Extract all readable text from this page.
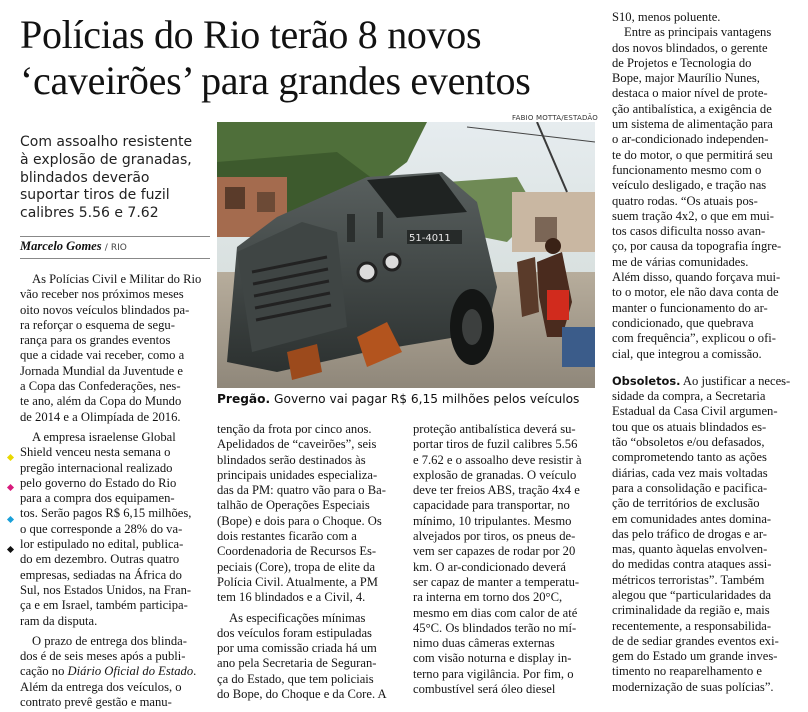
Polícias do Rio terão 8 novos
‘caveirões’ para grandes eventos
FABIO MOTTA/ESTADÃO
51-4011
Pregão. Governo vai pagar R$ 6,15 milhões pelos veículos
Com assoalho resistente
à explosão de granadas,
blindados deverão
suportar tiros de fuzil
calibres 5.56 e 7.62
Marcelo Gomes / RIO
As Polícias Civil e Militar do Rio
vão receber nos próximos meses
oito novos veículos blindados pa-
ra reforçar o esquema de segu-
rança para os grandes eventos
que a cidade vai receber, como a
Jornada Mundial da Juventude e
a Copa das Confederações, nes-
te ano, além da Copa do Mundo
de 2014 e a Olimpíada de 2016.
A empresa israelense Global
Shield venceu nesta semana o
pregão internacional realizado
pelo governo do Estado do Rio
para a compra dos equipamen-
tos. Serão pagos R$ 6,15 milhões,
o que corresponde a 28% do va-
lor estipulado no edital, publica-
do em dezembro. Outras quatro
empresas, sediadas na África do
Sul, nos Estados Unidos, na Fran-
ça e em Israel, também participa-
ram da disputa.
O prazo de entrega dos blinda-
dos é de seis meses após a publi-
cação no Diário Oficial do Estado.
Além da entrega dos veículos, o
contrato prevê gestão e manu-
tenção da frota por cinco anos.
Apelidados de “caveirões”, seis
blindados serão destinados às
principais unidades especializa-
das da PM: quatro vão para o Ba-
talhão de Operações Especiais
(Bope) e dois para o Choque. Os
dois restantes ficarão com a
Coordenadoria de Recursos Es-
peciais (Core), tropa de elite da
Polícia Civil. Atualmente, a PM
tem 16 blindados e a Civil, 4.
As especificações mínimas
dos veículos foram estipuladas
por uma comissão criada há um
ano pela Secretaria de Seguran-
ça do Estado, que tem policiais
do Bope, do Choque e da Core. A
proteção antibalística deverá su-
portar tiros de fuzil calibres 5.56
e 7.62 e o assoalho deve resistir à
explosão de granadas. O veículo
deve ter freios ABS, tração 4x4 e
capacidade para transportar, no
mínimo, 10 tripulantes. Mesmo
alvejados por tiros, os pneus de-
vem ser capazes de rodar por 20
km. O ar-condicionado deverá
ser capaz de manter a temperatu-
ra interna em torno dos 20°C,
mesmo em dias com calor de até
45°C. Os blindados terão no mí-
nimo duas câmeras externas
com visão noturna e display in-
terno para vigilância. Por fim, o
combustível será óleo diesel
S10, menos poluente.
Entre as principais vantagens
dos novos blindados, o gerente
de Projetos e Tecnologia do
Bope, major Maurílio Nunes,
destaca o maior nível de prote-
ção antibalística, a exigência de
um sistema de alimentação para
o ar-condicionado independen-
te do motor, o que permitirá seu
funcionamento mesmo com o
veículo desligado, e tração nas
quatro rodas. “Os atuais pos-
suem tração 4x2, o que em mui-
tos casos dificulta nosso avan-
ço, por causa da topografia íngre-
me de várias comunidades.
Além disso, quando forçava mui-
to o motor, ele não dava conta de
manter o funcionamento do ar-
condicionado, que quebrava
com frequência”, explicou o ofi-
cial, que integrou a comissão.
Obsoletos. Ao justificar a neces-
sidade da compra, a Secretaria
Estadual da Casa Civil argumen-
tou que os atuais blindados es-
tão “obsoletos e/ou defasados,
comprometendo tanto as ações
diárias, cada vez mais voltadas
para a consolidação e pacifica-
ção de territórios de exclusão
em comunidades antes domina-
das pelo tráfico de drogas e ar-
mas, quanto àquelas envolven-
do medidas contra ataques assi-
métricos terroristas”. Também
alegou que “particularidades da
criminalidade da região e, mais
recentemente, a responsabilida-
de de sediar grandes eventos exi-
gem do Estado um grande inves-
timento no reaparelhamento e
modernização de suas polícias”.
